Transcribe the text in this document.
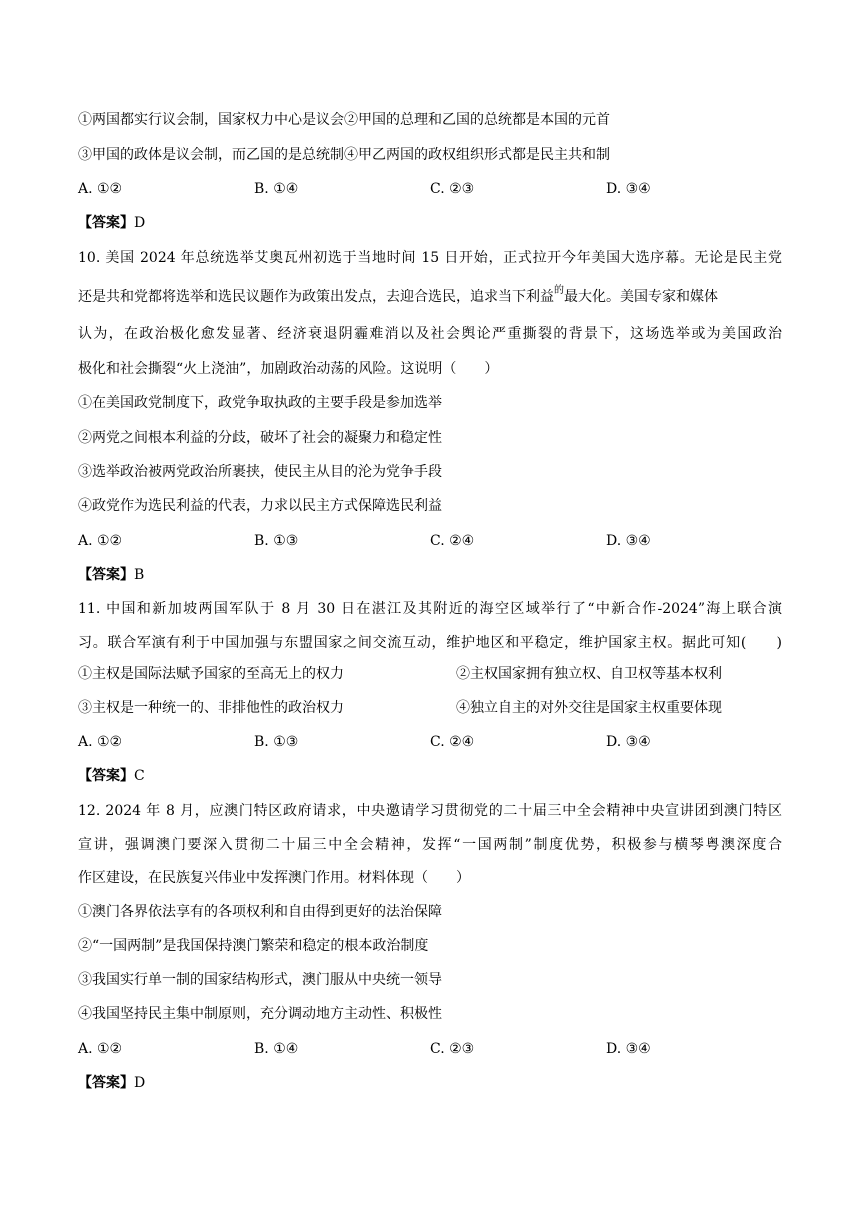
①两国都实行议会制，国家权力中心是议会②甲国的总理和乙国的总统都是本国的元首
③甲国的政体是议会制，而乙国的是总统制④甲乙两国的政权组织形式都是民主共和制
A. ①②	B. ①④	C. ②③	D. ③④
【答案】D
10. 美国 2024 年总统选举艾奥瓦州初选于当地时间 15 日开始，正式拉开今年美国大选序幕。无论是民主党
还是共和党都将选举和选民议题作为政策出发点，去迎合选民，追求当下利益$^的$最大化。美国专家和媒体
认为，在政治极化愈发显著、经济衰退阴霾难消以及社会舆论严重撕裂的背景下，这场选举或为美国政治
极化和社会撕裂“火上浇油”，加剧政治动荡的风险。这说明（　　）
①在美国政党制度下，政党争取执政的主要手段是参加选举
②两党之间根本利益的分歧，破坏了社会的凝聚力和稳定性
③选举政治被两党政治所裹挟，使民主从目的沦为党争手段
④政党作为选民利益的代表，力求以民主方式保障选民利益
A. ①②	B. ①③	C. ②④	D. ③④
【答案】B
11. 中国和新加坡两国军队于 8 月 30 日在湛江及其附近的海空区域举行了“中新合作-2024”海上联合演
习。联合军演有利于中国加强与东盟国家之间交流互动，维护地区和平稳定，维护国家主权。据此可知(　　)
①主权是国际法赋予国家的至高无上的权力	②主权国家拥有独立权、自卫权等基本权利
③主权是一种统一的、非排他性的政治权力	④独立自主的对外交往是国家主权重要体现
A. ①②	B. ①③	C. ②④	D. ③④
【答案】C
12. 2024 年 8 月，应澳门特区政府请求，中央邀请学习贯彻党的二十届三中全会精神中央宣讲团到澳门特区
宣讲，强调澳门要深入贯彻二十届三中全会精神，发挥“一国两制”制度优势，积极参与横琴粤澳深度合
作区建设，在民族复兴伟业中发挥澳门作用。材料体现（　　）
①澳门各界依法享有的各项权利和自由得到更好的法治保障
②“一国两制”是我国保持澳门繁荣和稳定的根本政治制度
③我国实行单一制的国家结构形式，澳门服从中央统一领导
④我国坚持民主集中制原则，充分调动地方主动性、积极性
A. ①②	B. ①④	C. ②③	D. ③④
【答案】D
